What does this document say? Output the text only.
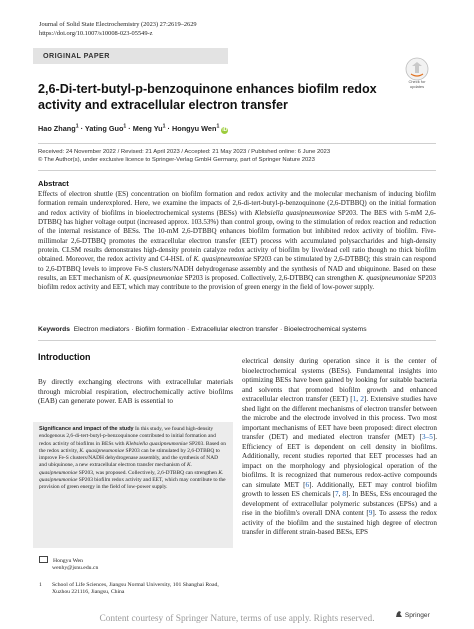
Journal of Solid State Electrochemistry (2023) 27:2619–2629
https://doi.org/10.1007/s10008-023-05549-z
ORIGINAL PAPER
Check for
updates
2,6-Di-tert-butyl-p-benzoquinone enhances biofilm redox activity and extracellular electron transfer
Hao Zhang$^1$ · Yating Guo$^1$ · Meng $Yu^1$ · Hongyu Wen$^1$ iD
Received: 24 November 2022 / Revised: 21 April 2023 / Accepted: 21 May 2023 / Published online: 6 June 2023
© The Author(s), under exclusive licence to Springer-Verlag GmbH Germany, part of Springer Nature 2023
Abstract
Effects of electron shuttle (ES) concentration on biofilm formation and redox activity and the molecular mechanism of inducing biofilm formation remain underexplored. Here, we examine the impacts of 2,6-di-tert-butyl-p-benzoquinone (2,6-DTBBQ) on the initial formation and redox activity of biofilms in bioelectrochemical systems (BESs) with Klebsiella quasipneumoniae SP203. The BES with 5-mM 2,6-DTBBQ has higher voltage output (increased approx. 103.53%) than control group, owing to the stimulation of redox reaction and reduction of the internal resistance of BESs. The 10-mM 2,6-DTBBQ enhances biofilm formation but inhibited redox activity of biofilm. Five-millimolar 2,6-DTBBQ promotes the extracellular electron transfer (EET) process with accumulated polysaccharides and high-density protein. CLSM results demonstrates high-density protein catalyze redox activity of biofilm by live/dead cell ratio though no thick biofilm obtained. Moreover, the redox activity and C4-HSL of K. quasipneumoniae SP203 can be stimulated by 2,6-DTBBQ; this strain can respond to 2,6-DTBBQ levels to improve Fe-S clusters/NADH dehydrogenase assembly and the synthesis of NAD and ubiquinone. Based on these results, an EET mechanism of K. quasipneumoniae SP203 is proposed. Collectively, 2,6-DTBBQ can strengthen K. quasipneumoniae SP203 biofilm redox activity and EET, which may contribute to the provision of green energy in the field of low-power supply.
Keywords Electron mediators · Biofilm formation · Extracellular electron transfer · Bioelectrochemical systems
Introduction
By directly exchanging electrons with extracellular materials through microbial respiration, electrochemically active biofilms (EAB) can generate power. EAB is essential to
electrical density during operation since it is the center of bioelectrochemical systems (BESs). Fundamental insights into optimizing BESs have been gained by looking for suitable bacteria and solvents that promoted biofilm growth and enhanced extracellular electron transfer (EET) [1, 2]. Extensive studies have shed light on the different mechanisms of electron transfer between the microbe and the electrode involved in this process. Two most important mechanisms of EET have been proposed: direct electron transfer (DET) and mediated electron transfer (MET) [3–5]. Efficiency of EET is dependent on cell density in biofilms. Additionally, recent studies reported that EET processes had an impact on the morphology and physiological operation of the biofilms. It is recognized that numerous redox-active compounds can simulate MET [6]. Additionally, EET may control biofilm growth to lessen ES chemicals [7, 8]. In BESs, ESs encouraged the development of extracellular polymeric substances (EPSs) and a rise in the biofilm's overall DNA content [9]. To assess the redox activity of the biofilm and the sustained high degree of electron transfer in different strain-based BESs, EPS
Significance and impact of the study In this study, we found high-density endogenous 2,6-di-tert-butyl-p-benzoquinone contributed to initial formation and redox activity of biofilms in BESs with Klebsiella quasipneumoniae SP203. Based on the redox activity, K. quasipneumoniae SP203 can be stimulated by 2,6-DTBBQ to improve Fe-S clusters/NADH dehydrogenase assembly, and the synthesis of NAD and ubiquinone, a new extracellular electron transfer mechanism of K. quasipneumoniae SP203, was proposed. Collectively, 2,6-DTBBQ can strengthen K. quasipneumoniae SP203 biofilm redox activity and EET, which may contribute to the provision of green energy in the field of low-power supply.
Hongyu Wen
wenhy@jsnu.edu.cn
1	School of Life Sciences, Jiangsu Normal University, 101 Shanghai Road, Xuzhou 221116, Jiangsu, China
Springer
Content courtesy of Springer Nature, terms of use apply. Rights reserved.
